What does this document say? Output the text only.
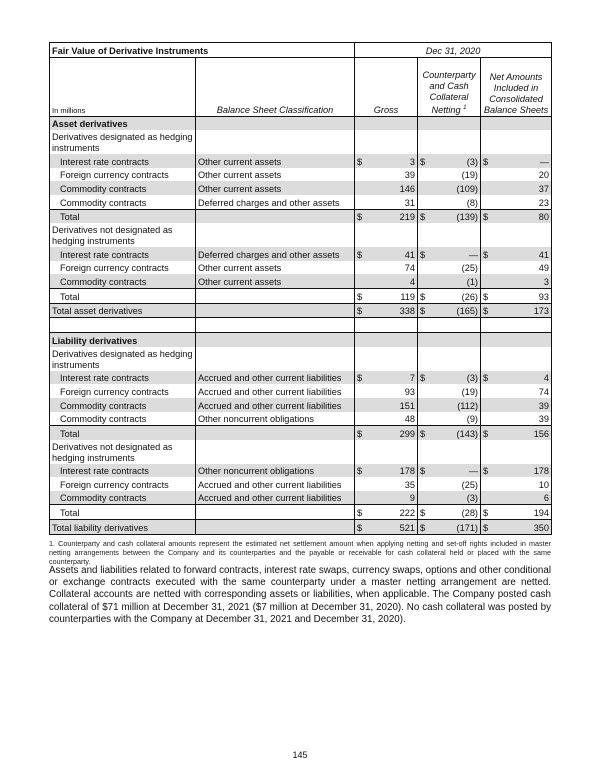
Fair Value of Derivative Instruments		Dec 31, 2020		
In millions	Balance Sheet Classification	Gross	Counterparty and Cash Collateral Netting $^1$	Net Amounts Included in Consolidated Balance Sheets
Asset derivatives				
Derivatives designated as hedging instruments				
Interest rate contracts	Other current assets	$ 3	$ (3)	$ —

Foreign currency contracts	Other current assets	39	(19)	20

Commodity contracts	Other current assets	146	(109)	37

Commodity contracts	Deferred charges and other assets	31	(8)	23

Total		$ 219	$ (139)	$ 80

Derivatives not designated as hedging instruments				
Interest rate contracts	Deferred charges and other assets	$ 41	$ —	$ 41

Foreign currency contracts	Other current assets	74	(25)	49

Commodity contracts	Other current assets	4	(1)	3

Total		$ 119	$ (26)	$ 93

Total asset derivatives		$ 338	$ (165)	$ 173

Liability derivatives				
Derivatives designated as hedging instruments				
Interest rate contracts	Accrued and other current liabilities	$ 7	$ (3)	$ 4

Foreign currency contracts	Accrued and other current liabilities	93	(19)	74

Commodity contracts	Accrued and other current liabilities	151	(112)	39

Commodity contracts	Other noncurrent obligations	48	(9)	39

Total		$ 299	$ (143)	$ 156

Derivatives not designated as hedging instruments				
Interest rate contracts	Other noncurrent obligations	$ 178	$ —	$ 178

Foreign currency contracts	Accrued and other current liabilities	35	(25)	10

Commodity contracts	Accrued and other current liabilities	9	(3)	6

Total		$ 222	$ (28)	$ 194

Total liability derivatives		$ 521	$ (171)	$ 350
1. Counterparty and cash collateral amounts represent the estimated net settlement amount when applying netting and set-off rights included in master netting arrangements between the Company and its counterparties and the payable or receivable for cash collateral held or placed with the same counterparty.
Assets and liabilities related to forward contracts, interest rate swaps, currency swaps, options and other conditional or exchange contracts executed with the same counterparty under a master netting arrangement are netted. Collateral accounts are netted with corresponding assets or liabilities, when applicable. The Company posted cash collateral of $71 million at December 31, 2021 ($7 million at December 31, 2020). No cash collateral was posted by counterparties with the Company at December 31, 2021 and December 31, 2020).
145
